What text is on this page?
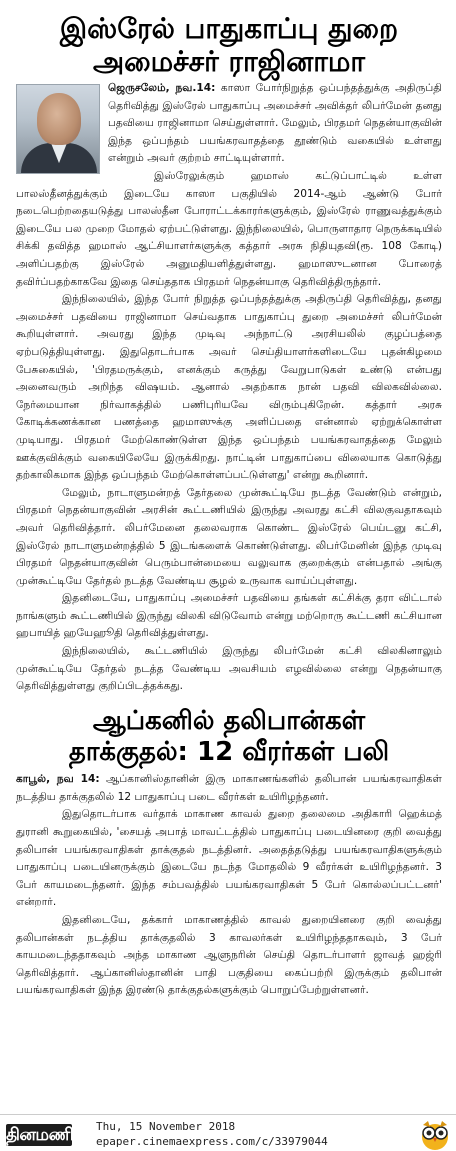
இஸ்ரேல் பாதுகாப்பு துறை
அமைச்சர் ராஜினாமா

ஜெருசலேம், நவ.14: காஸா போர்நிறுத்த ஒப்பந்தத்துக்கு அதிருப்தி தெரிவித்து இஸ்ரேல் பாதுகாப்பு அமைச்சர் அவிக்தர் லிபர்மேன் தனது பதவியை ராஜினாமா செய்துள்ளார். மேலும், பிரதமர் நெதன்யாகுவின் இந்த ஒப்பந்தம் பயங்கரவாதத்தை தூண்டும் வகையில் உள்ளது என்றும் அவர் குற்றம் சாட்டியுள்ளார்.

இஸ்ரேலுக்கும் ஹமாஸ் கட்டுப்பாட்டில் உள்ள பாலஸ்தீனத்துக்கும் இடையே காஸா பகுதியில் 2014-ஆம் ஆண்டு போர் நடைபெற்றதையடுத்து பாலஸ்தீன போராட்டக்காரர்களுக்கும், இஸ்ரேல் ராணுவத்துக்கும் இடையே பல முறை மோதல் ஏற்பட்டுள்ளது. இந்நிலையில், பொருளாதார நெருக்கடியில் சிக்கி தவித்த ஹமாஸ் ஆட்சியாளர்களுக்கு கத்தார் அரசு நிதியுதவி(ரூ. 108 கோடி) அளிப்பதற்கு இஸ்ரேல் அனுமதியளித்துள்ளது. ஹமாஸுடனான போரைத் தவிர்ப்பதற்காகவே இதை செய்ததாக பிரதமர் நெதன்யாகு தெரிவித்திருந்தார்.

இந்நிலையில், இந்த போர் நிறுத்த ஒப்பந்தத்துக்கு அதிருப்தி தெரிவித்து, தனது அமைச்சர் பதவியை ராஜினாமா செய்வதாக பாதுகாப்பு துறை அமைச்சர் லிபர்மேன் கூறியுள்ளார். அவரது இந்த முடிவு அந்நாட்டு அரசியலில் குழப்பத்தை ஏற்படுத்தியுள்ளது. இதுதொடர்பாக அவர் செய்தியாளர்களிடையே புதன்கிழமை பேசுகையில், 'பிரதமருக்கும், எனக்கும் கருத்து வேறுபாடுகள் உண்டு என்பது அனைவரும் அறிந்த விஷயம். ஆனால் அதற்காக நான் பதவி விலகவில்லை. நேர்மையான நிர்வாகத்தில் பணிபுரியவே விரும்புகிறேன். கத்தார் அரசு கோடிக்கணக்கான பணத்தை ஹமாஸுக்கு அளிப்பதை என்னால் ஏற்றுக்கொள்ள முடியாது. பிரதமர் மேற்கொண்டுள்ள இந்த ஒப்பந்தம் பயங்கரவாதத்தை மேலும் ஊக்குவிக்கும் வகையிலேயே இருக்கிறது. நாட்டின் பாதுகாப்பை விலையாக கொடுத்து தற்காலிகமாக இந்த ஒப்பந்தம் மேற்கொள்ளப்பட்டுள்ளது' என்று கூறினார்.

மேலும், நாடாளுமன்றத் தேர்தலை முன்கூட்டியே நடத்த வேண்டும் என்றும், பிரதமர் நெதன்யாகுவின் அரசின் கூட்டணியில் இருந்து அவரது கட்சி விலகுவதாகவும் அவர் தெரிவித்தார். லிபர்மேனை தலைவராக கொண்ட இஸ்ரேல் பெய்டனு கட்சி, இஸ்ரேல் நாடாளுமன்றத்தில் 5 இடங்களைக் கொண்டுள்ளது. லிபர்மேனின் இந்த முடிவு பிரதமர் நெதன்யாகுவின் பெரும்பான்மையை வலுவாக குறைக்கும் என்பதால் அங்கு முன்கூட்டியே தேர்தல் நடத்த வேண்டிய சூழல் உருவாக வாய்ப்புள்ளது.

இதனிடையே, பாதுகாப்பு அமைச்சர் பதவியை தங்கள் கட்சிக்கு தரா விட்டால் நாங்களும் கூட்டணியில் இருந்து விலகி விடுவோம் என்று மற்றொரு கூட்டணி கட்சியான ஹபாயித் ஹயேஹூதி தெரிவித்துள்ளது.

இந்நிலையில், கூட்டணியில் இருந்து லிபர்மேன் கட்சி விலகினாலும் முன்கூட்டியே தேர்தல் நடத்த வேண்டிய அவசியம் எழவில்லை என்று நெதன்யாகு தெரிவித்துள்ளது குறிப்பிடத்தக்கது.

ஆப்கனில் தலிபான்கள்
தாக்குதல்: 12 வீரர்கள் பலி

காபூல், நவ 14: ஆப்கானிஸ்தானின் இரு மாகாணங்களில் தலிபான் பயங்கரவாதிகள் நடத்திய தாக்குதலில் 12 பாதுகாப்பு படை வீரர்கள் உயிரிழந்தனர்.

இதுதொடர்பாக வர்தாக் மாகாண காவல் துறை தலைமை அதிகாரி ஹெக்மத் துரானி கூறுகையில், 'சையத் அபாத் மாவட்டத்தில் பாதுகாப்பு படையினரை குறி வைத்து தலிபான் பயங்கரவாதிகள் தாக்குதல் நடத்தினர். அதைத்தடுத்து பயங்கரவாதிகளுக்கும் பாதுகாப்பு படையினருக்கும் இடையே நடந்த மோதலில் 9 வீரர்கள் உயிரிழந்தனர். 3 பேர் காயமடைந்தனர். இந்த சம்பவத்தில் பயங்கரவாதிகள் 5 பேர் கொல்லப்பட்டனர்' என்றார்.

இதனிடையே, தக்கார் மாகாணத்தில் காவல் துறையினரை குறி வைத்து தலிபான்கள் நடத்திய தாக்குதலில் 3 காவலர்கள் உயிரிழந்ததாகவும், 3 பேர் காயமடைந்ததாகவும் அந்த மாகாண ஆளுநரின் செய்தி தொடர்பாளர் ஜாவத் ஹஜ்ரி தெரிவித்தார். ஆப்கானிஸ்தானின் பாதி பகுதியை கைப்பற்றி இருக்கும் தலிபான் பயங்கரவாதிகள் இந்த இரண்டு தாக்குதல்களுக்கும் பொறுப்பேற்றுள்ளனர்.

தினமணி Thu, 15 November 2018
epaper.cinemaexpress.com/c/33979044
